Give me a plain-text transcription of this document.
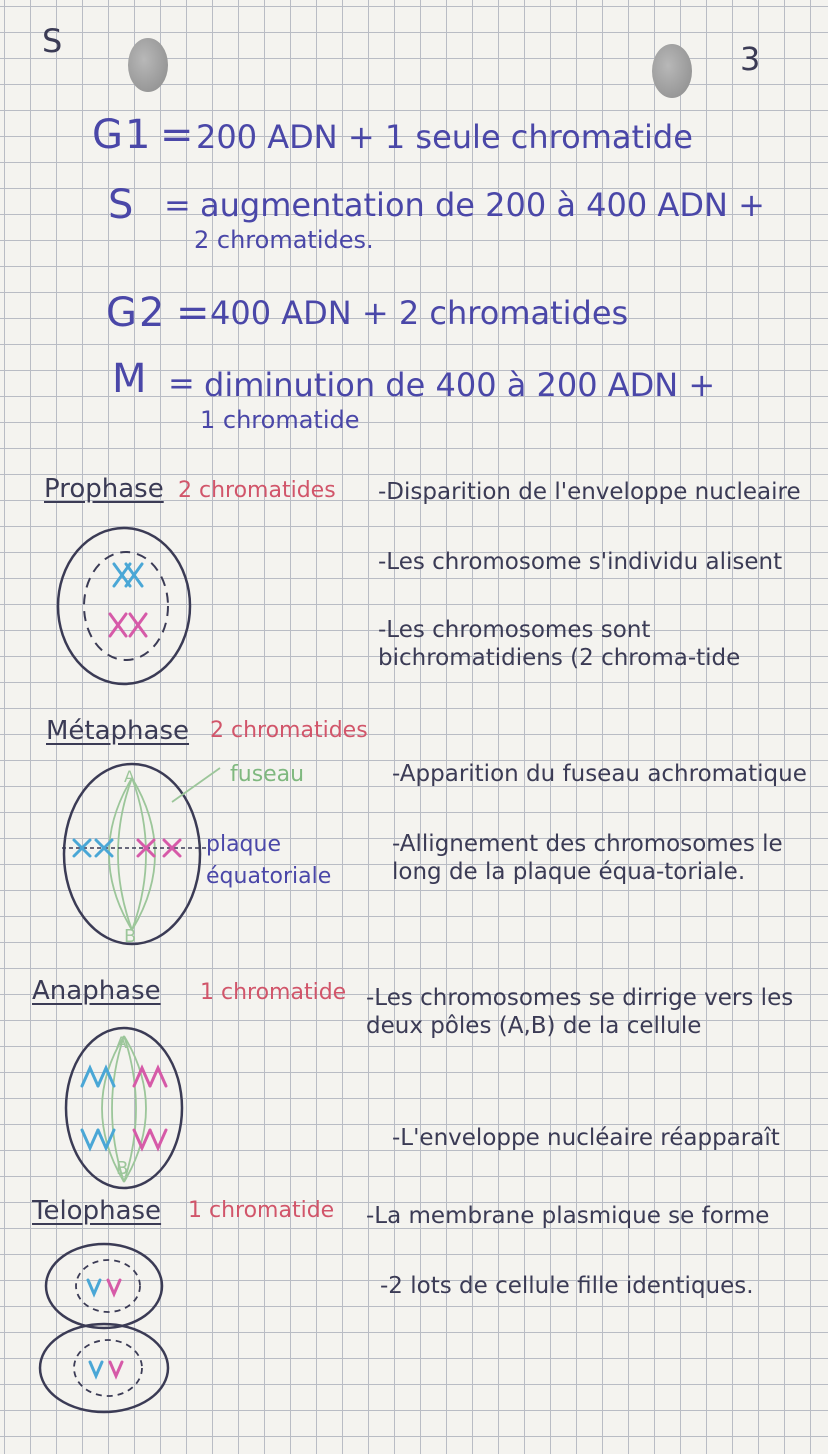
S	3
G1 = 200 ADN + 1 seule chromatide
S = augmentation de 200 à 400 ADN +
2 chromatides.
G2 =
400 ADN + 2 chromatides
M = diminution de 400 à 200 ADN +
1 chromatide
Prophase 2 chromatides -Disparition de l'enveloppe nucleaire
-Les chromosome s'individu alisent
-Les chromosomes sont bichromatidiens (2 chroma-tide
Métaphase 2 chromatides
fuseau
plaque
équatoriale
-Apparition du fuseau achromatique
-Allignement des chromosomes le long de la plaque équa-toriale.
A
B
Anaphase 1 chromatide -Les chromosomes se dirrige vers les deux pôles (A,B) de la cellule
-L'enveloppe nucléaire réapparaît
A
B
Telophase 1 chromatide -La membrane plasmique se forme
-2 lots de cellule fille identiques.
